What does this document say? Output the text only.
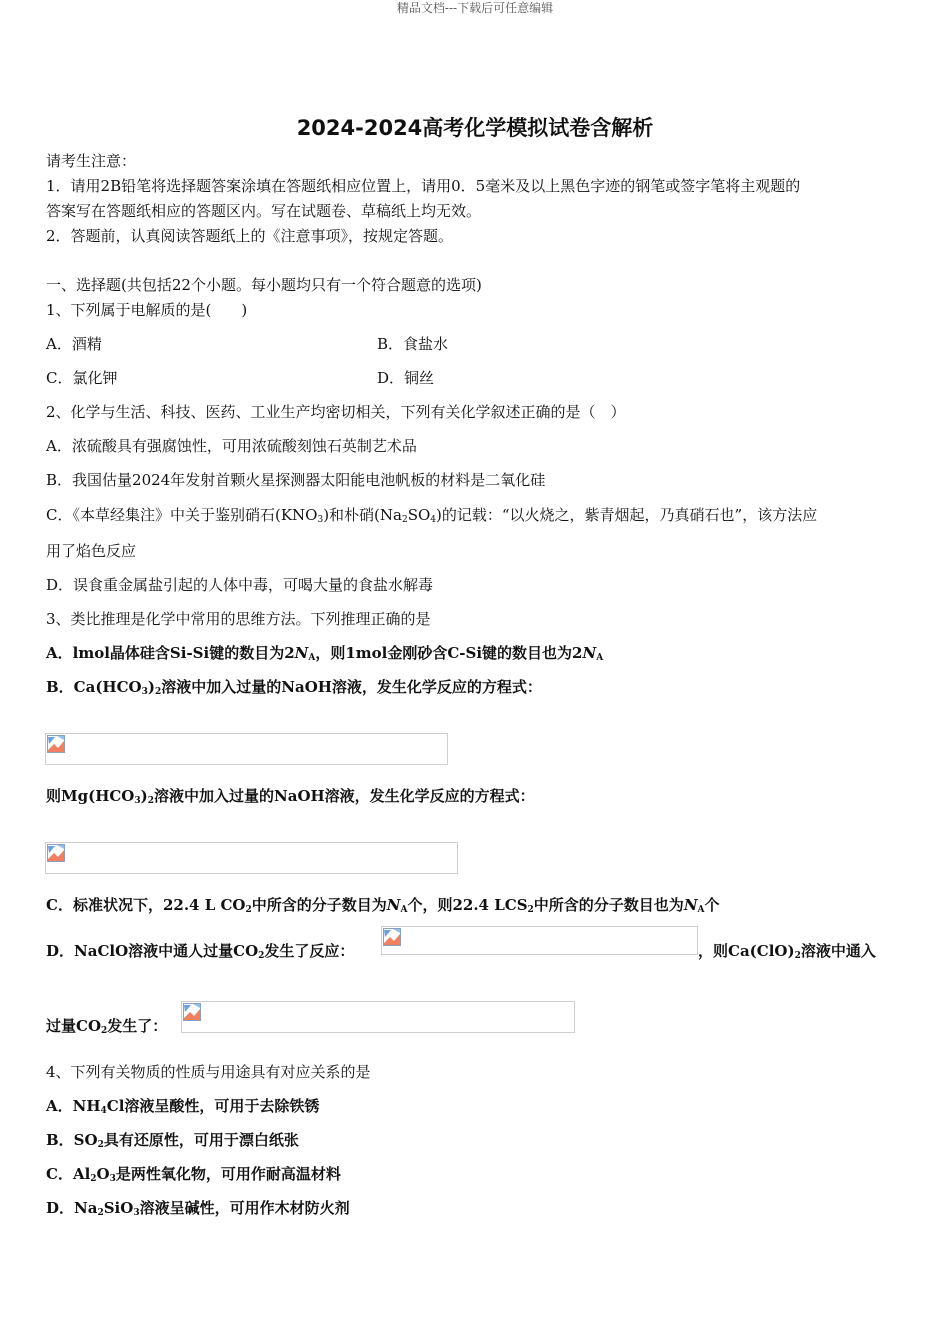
精品文档---下载后可任意编辑
2024-2024高考化学模拟试卷含解析
请考生注意：
1．请用2B铅笔将选择题答案涂填在答题纸相应位置上，请用0．5毫米及以上黑色字迹的钢笔或签字笔将主观题的
答案写在答题纸相应的答题区内。写在试题卷、草稿纸上均无效。
2．答题前，认真阅读答题纸上的《注意事项》，按规定答题。
一、选择题(共包括22个小题。每小题均只有一个符合题意的选项)
1、下列属于电解质的是(　　)
A．酒精	B．食盐水
C．氯化钾	D．铜丝
2、化学与生活、科技、医药、工业生产均密切相关，下列有关化学叙述正确的是（　）
A．浓硫酸具有强腐蚀性，可用浓硫酸刻蚀石英制艺术品
B．我国估量2024年发射首颗火星探测器太阳能电池帆板的材料是二氧化硅
C．《本草经集注》中关于鉴别硝石$(KNO_3)$和朴硝$(Na_2SO_4)$的记载：“以火烧之，紫青烟起，乃真硝石也”，该方法应
用了焰色反应
D．误食重金属盐引起的人体中毒，可喝大量的食盐水解毒
3、类比推理是化学中常用的思维方法。下列推理正确的是
A．lmol晶体硅含Si-Si键的数目为$2N_A$，则1mol金刚砂含C-Si键的数目也为$2N_A$
B．$Ca(HCO_3)_2$溶液中加入过量的NaOH溶液，发生化学反应的方程式：
则$Mg(HCO_3)_2$溶液中加入过量的NaOH溶液，发生化学反应的方程式：
C．标准状况下，22.4 L $CO_2$中所含的分子数目为$N_A$个，则22.4 $LCS_2$中所含的分子数目也为$N_A$个
D．NaClO溶液中通人过量$CO_2$发生了反应：	，则$Ca(ClO)_2$溶液中通入
过量$CO_2$发生了：
4、下列有关物质的性质与用途具有对应关系的是
A．$NH_4Cl$溶液呈酸性，可用于去除铁锈
B．$SO_2$具有还原性，可用于漂白纸张
C．$Al_2O_3$是两性氧化物，可用作耐高温材料
D．$Na_2SiO_3$溶液呈碱性，可用作木材防火剂
